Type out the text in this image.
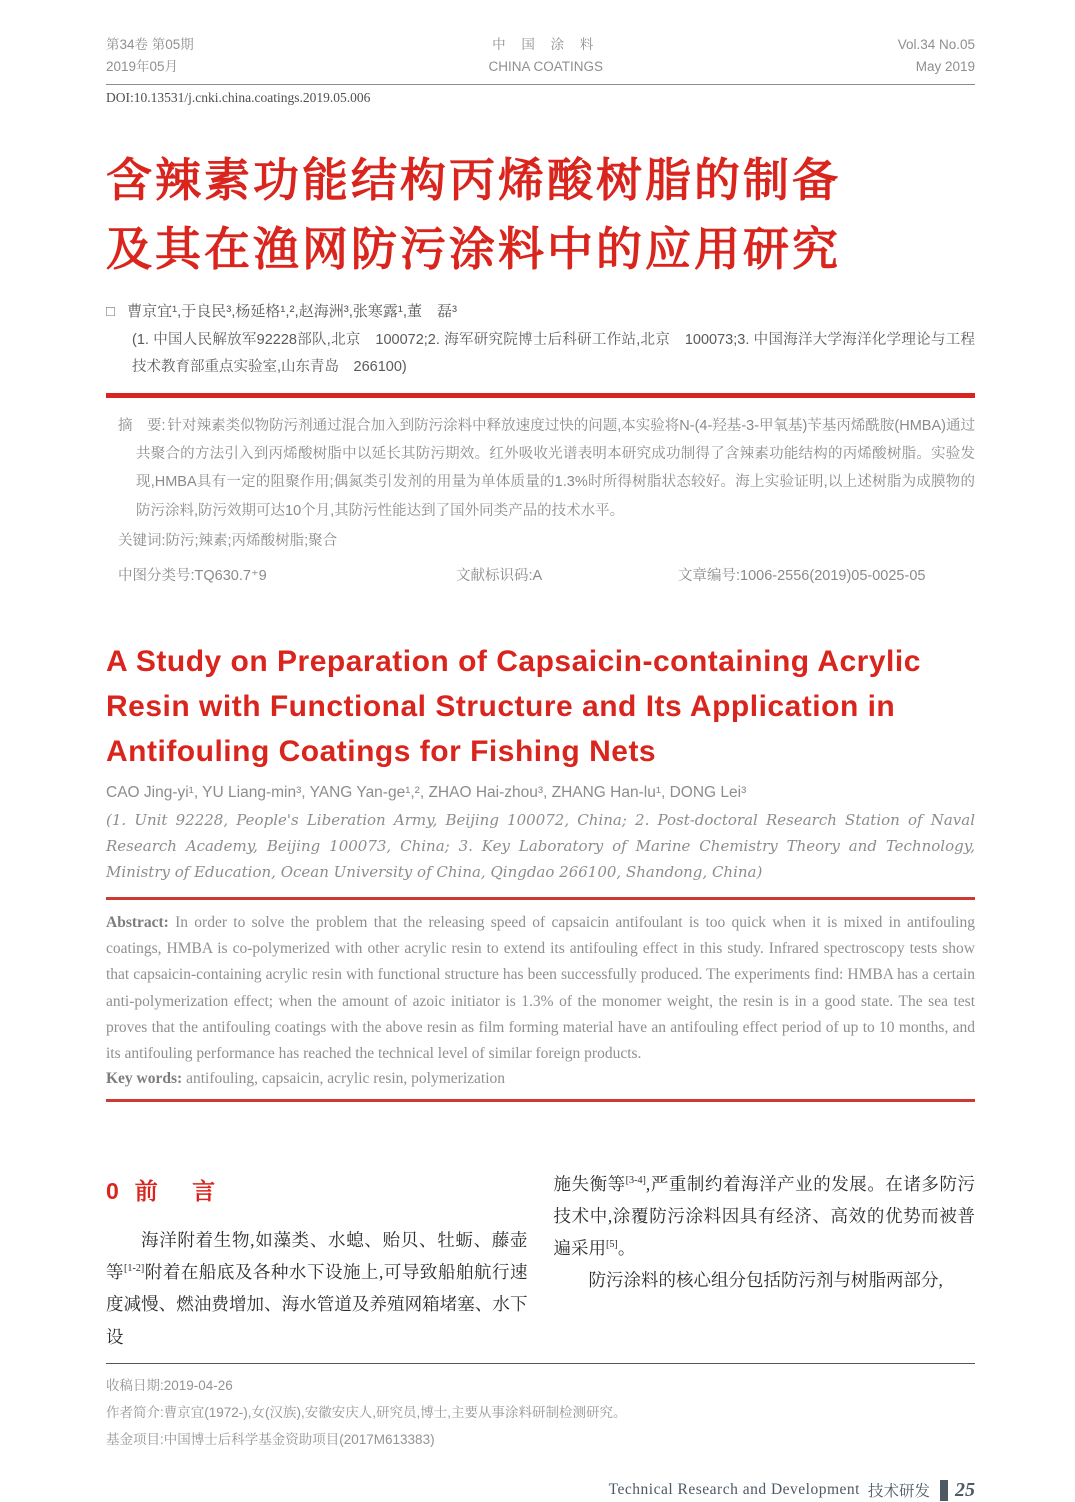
第34卷 第05期
2019年05月
中 国 涂 料
CHINA COATINGS
Vol.34 No.05
May 2019
DOI:10.13531/j.cnki.china.coatings.2019.05.006
含辣素功能结构丙烯酸树脂的制备
及其在渔网防污涂料中的应用研究
□ 曹京宜¹,于良民³,杨延格¹,²,赵海洲³,张寒露¹,董　磊³
(1. 中国人民解放军92228部队,北京　100072;2. 海军研究院博士后科研工作站,北京　100073;3. 中国海洋大学海洋化学理论与工程技术教育部重点实验室,山东青岛　266100)
摘　要: 针对辣素类似物防污剂通过混合加入到防污涂料中释放速度过快的问题,本实验将N-(4-羟基-3-甲氧基)苄基丙烯酰胺(HMBA)通过共聚合的方法引入到丙烯酸树脂中以延长其防污期效。红外吸收光谱表明本研究成功制得了含辣素功能结构的丙烯酸树脂。实验发现,HMBA具有一定的阻聚作用;偶氮类引发剂的用量为单体质量的1.3%时所得树脂状态较好。海上实验证明,以上述树脂为成膜物的防污涂料,防污效期可达10个月,其防污性能达到了国外同类产品的技术水平。
关键词:防污;辣素;丙烯酸树脂;聚合
中图分类号:TQ630.7⁺9	文献标识码:A	文章编号:1006-2556(2019)05-0025-05
A Study on Preparation of Capsaicin-containing Acrylic
Resin with Functional Structure and Its Application in
Antifouling Coatings for Fishing Nets
CAO Jing-yi¹, YU Liang-min³, YANG Yan-ge¹,², ZHAO Hai-zhou³, ZHANG Han-lu¹, DONG Lei³
(1. Unit 92228, People's Liberation Army, Beijing 100072, China; 2. Post-doctoral Research Station of Naval Research Academy, Beijing 100073, China; 3. Key Laboratory of Marine Chemistry Theory and Technology, Ministry of Education, Ocean University of China, Qingdao 266100, Shandong, China)
Abstract: In order to solve the problem that the releasing speed of capsaicin antifoulant is too quick when it is mixed in antifouling coatings, HMBA is co-polymerized with other acrylic resin to extend its antifouling effect in this study. Infrared spectroscopy tests show that capsaicin-containing acrylic resin with functional structure has been successfully produced. The experiments find: HMBA has a certain anti-polymerization effect; when the amount of azoic initiator is 1.3% of the monomer weight, the resin is in a good state. The sea test proves that the antifouling coatings with the above resin as film forming material have an antifouling effect period of up to 10 months, and its antifouling performance has reached the technical level of similar foreign products.
Key words: antifouling, capsaicin, acrylic resin, polymerization
0 前 言

海洋附着生物,如藻类、水螅、贻贝、牡蛎、藤壶等[1-2]附着在船底及各种水下设施上,可导致船舶航行速度减慢、燃油费增加、海水管道及养殖网箱堵塞、水下设

施失衡等[3-4],严重制约着海洋产业的发展。在诸多防污技术中,涂覆防污涂料因具有经济、高效的优势而被普遍采用[5]。

防污涂料的核心组分包括防污剂与树脂两部分,

收稿日期:2019-04-26
作者简介:曹京宜(1972-),女(汉族),安徽安庆人,研究员,博士,主要从事涂料研制检测研究。
基金项目:中国博士后科学基金资助项目(2017M613383)
Technical Research and Development 技术研发 25
